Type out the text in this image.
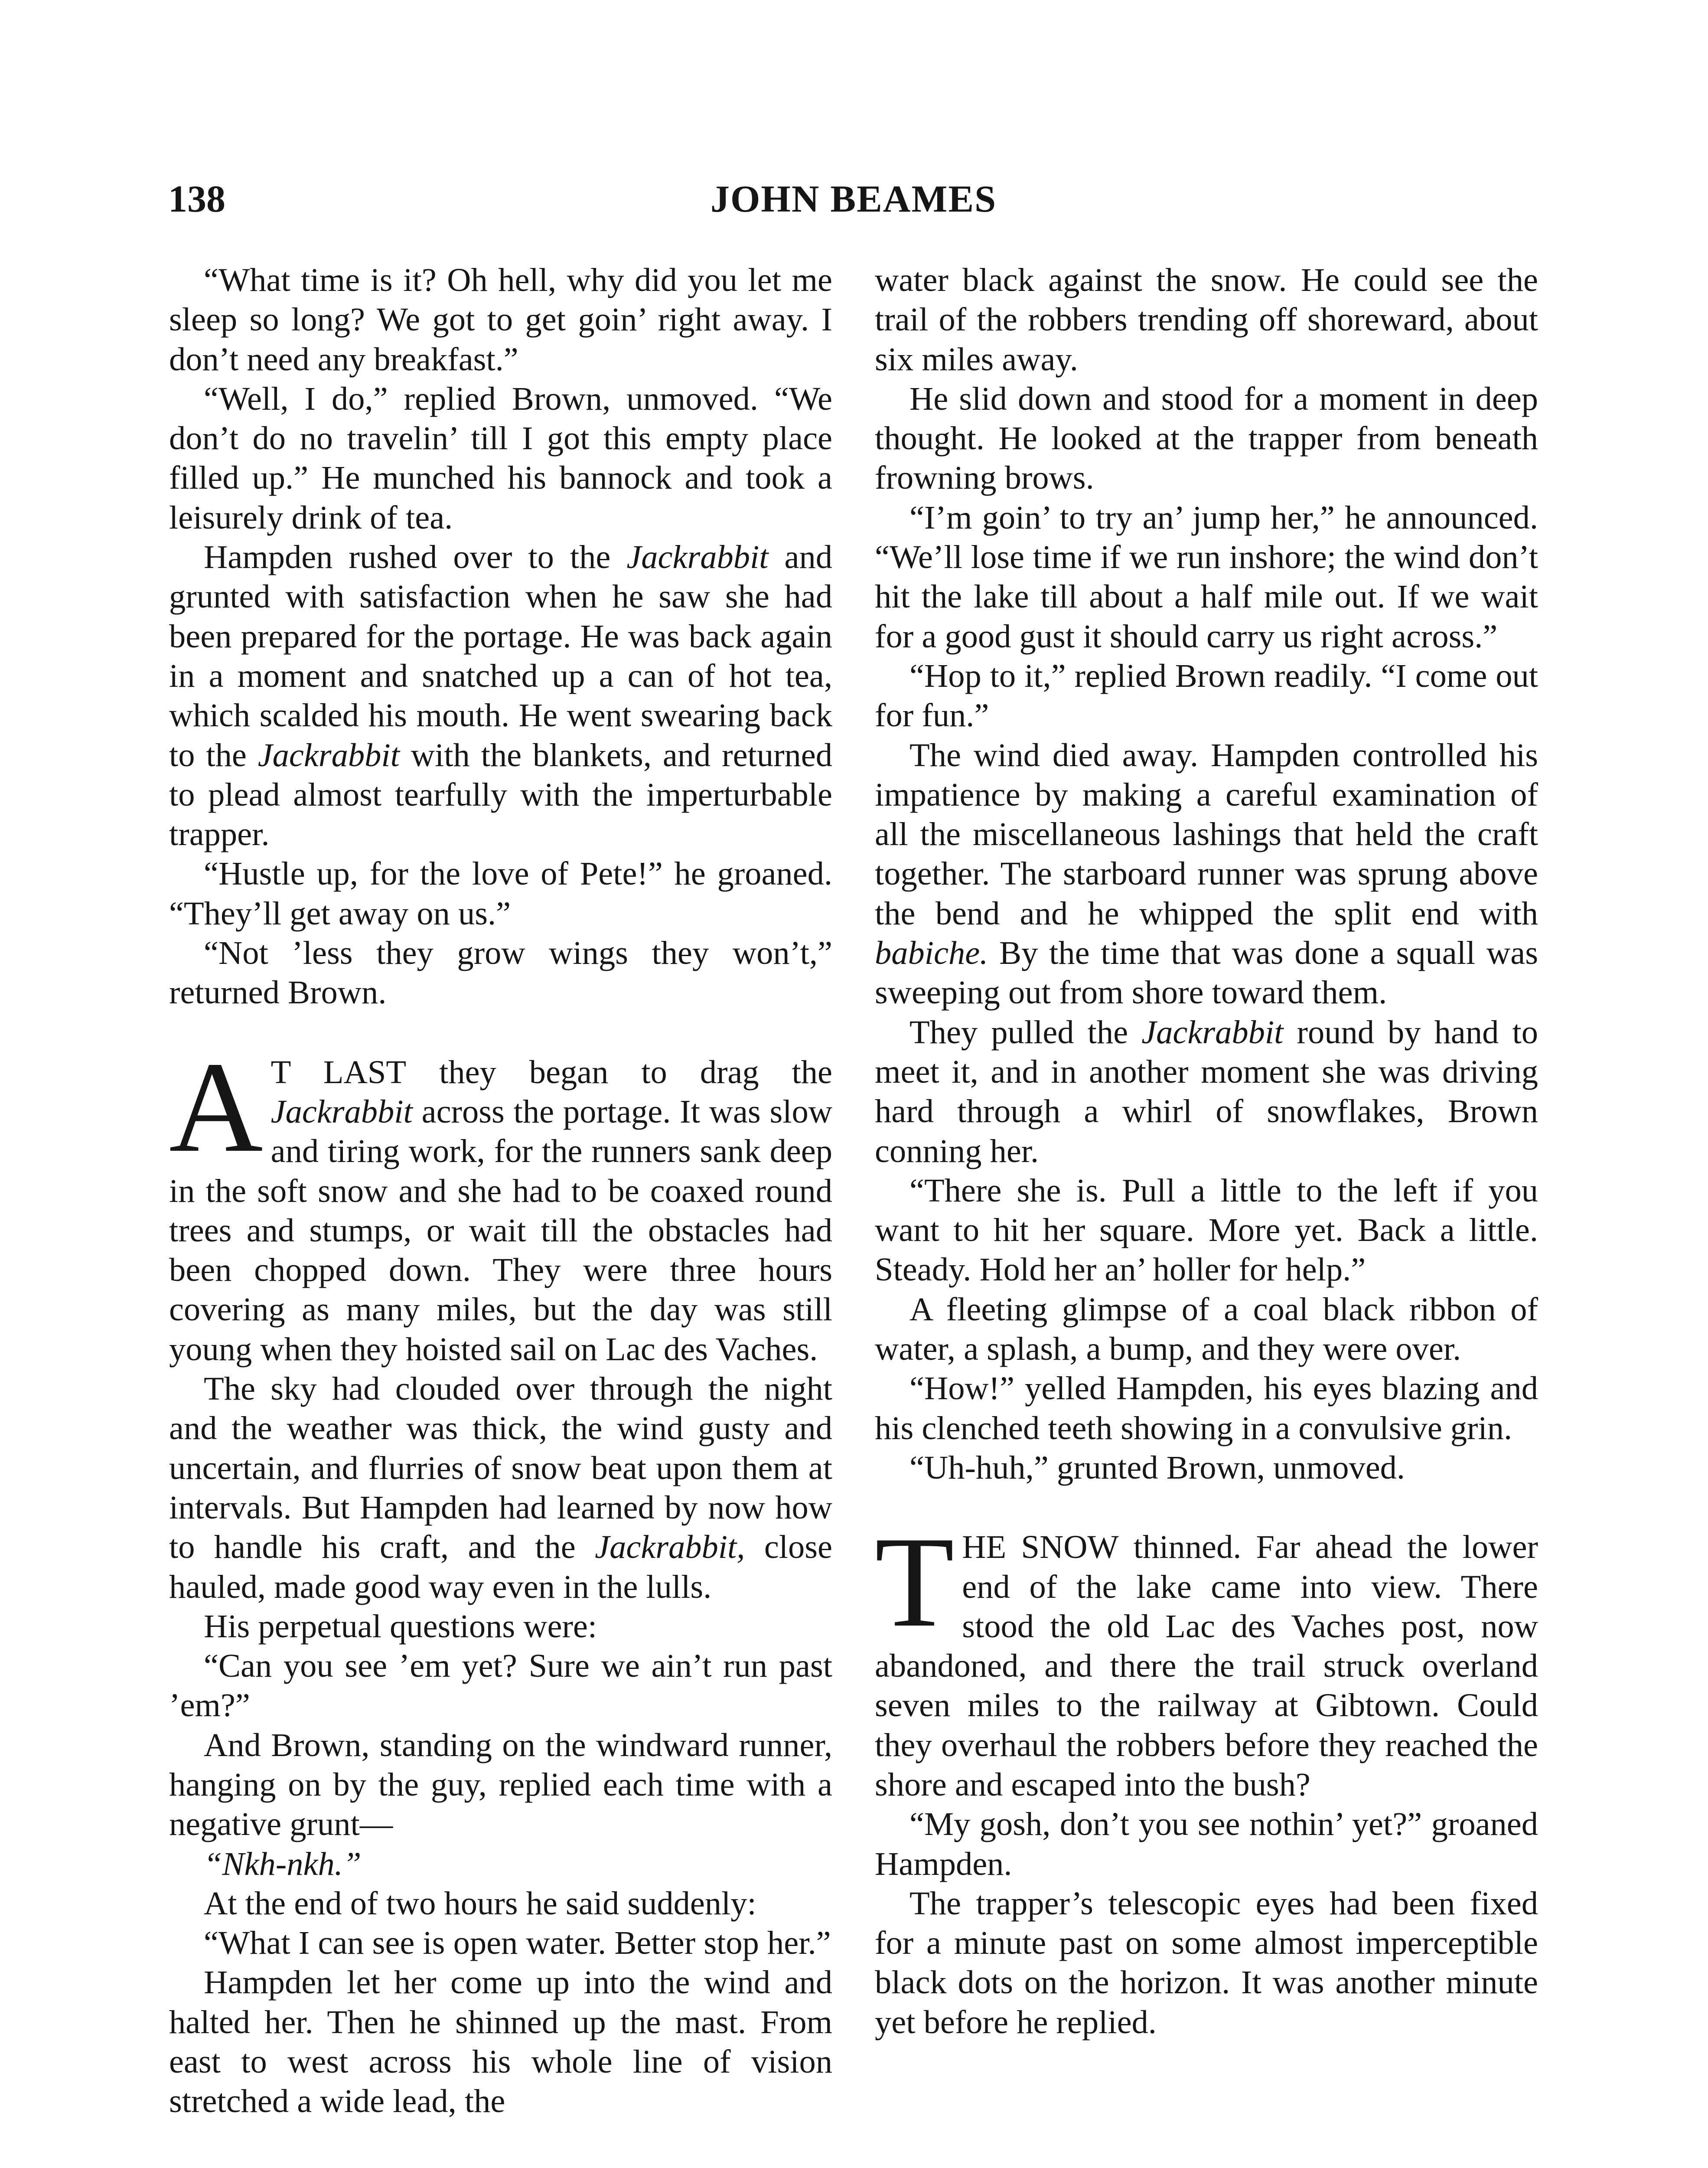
138	JOHN BEAMES

“What time is it? Oh hell, why did you let me sleep so long? We got to get goin’ right away. I don’t need any breakfast.”

“Well, I do,” replied Brown, unmoved. “We don’t do no travelin’ till I got this empty place filled up.” He munched his bannock and took a leisurely drink of tea.

Hampden rushed over to the Jackrabbit and grunted with satisfaction when he saw she had been prepared for the portage. He was back again in a moment and snatched up a can of hot tea, which scalded his mouth. He went swearing back to the Jackrabbit with the blankets, and returned to plead almost tearfully with the imperturbable trapper.

“Hustle up, for the love of Pete!” he groaned. “They’ll get away on us.”

“Not ’less they grow wings they won’t,” returned Brown.

A T LAST they began to drag the Jackrabbit across the portage. It was slow and tiring work, for the runners sank deep in the soft snow and she had to be coaxed round trees and stumps, or wait till the obstacles had been chopped down. They were three hours covering as many miles, but the day was still young when they hoisted sail on Lac des Vaches.

The sky had clouded over through the night and the weather was thick, the wind gusty and uncertain, and flurries of snow beat upon them at intervals. But Hampden had learned by now how to handle his craft, and the Jackrabbit, close hauled, made good way even in the lulls.

His perpetual questions were:

“Can you see ’em yet? Sure we ain’t run past ’em?”

And Brown, standing on the windward runner, hanging on by the guy, replied each time with a negative grunt—

“Nkh-nkh.”

At the end of two hours he said suddenly:

“What I can see is open water. Better stop her.”

Hampden let her come up into the wind and halted her. Then he shinned up the mast. From east to west across his whole line of vision stretched a wide lead, the

water black against the snow. He could see the trail of the robbers trending off shoreward, about six miles away.

He slid down and stood for a moment in deep thought. He looked at the trapper from beneath frowning brows.

“I’m goin’ to try an’ jump her,” he announced. “We’ll lose time if we run inshore; the wind don’t hit the lake till about a half mile out. If we wait for a good gust it should carry us right across.”

“Hop to it,” replied Brown readily. “I come out for fun.”

The wind died away. Hampden controlled his impatience by making a careful examination of all the miscellaneous lashings that held the craft together. The starboard runner was sprung above the bend and he whipped the split end with babiche. By the time that was done a squall was sweeping out from shore toward them.

They pulled the Jackrabbit round by hand to meet it, and in another moment she was driving hard through a whirl of snowflakes, Brown conning her.

“There she is. Pull a little to the left if you want to hit her square. More yet. Back a little. Steady. Hold her an’ holler for help.”

A fleeting glimpse of a coal black ribbon of water, a splash, a bump, and they were over.

“How!” yelled Hampden, his eyes blazing and his clenched teeth showing in a convulsive grin.

“Uh-huh,” grunted Brown, unmoved.

THE SNOW thinned. Far ahead the lower end of the lake came into view. There stood the old Lac des Vaches post, now abandoned, and there the trail struck overland seven miles to the railway at Gibtown. Could they overhaul the robbers before they reached the shore and escaped into the bush?

“My gosh, don’t you see nothin’ yet?” groaned Hampden.

The trapper’s telescopic eyes had been fixed for a minute past on some almost imperceptible black dots on the horizon. It was another minute yet before he replied.
